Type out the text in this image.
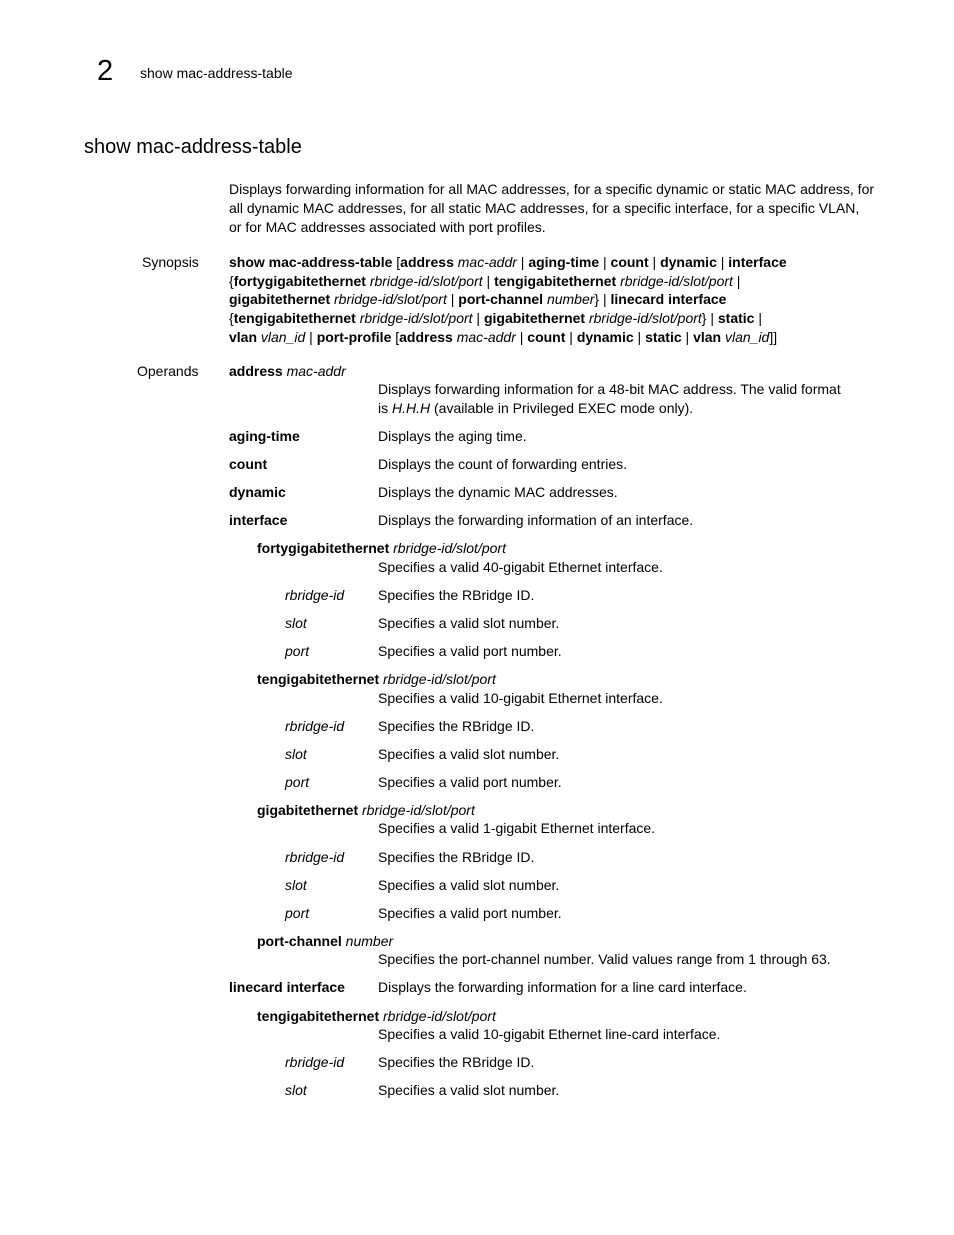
2 show mac-address-table
show mac-address-table
Displays forwarding information for all MAC addresses, for a specific dynamic or static MAC address, for all dynamic MAC addresses, for all static MAC addresses, for a specific interface, for a specific VLAN, or for MAC addresses associated with port profiles.
Synopsis show mac-address-table [address mac-addr | aging-time | count | dynamic | interface
{fortygigabitethernet rbridge-id/slot/port | tengigabitethernet rbridge-id/slot/port |
gigabitethernet rbridge-id/slot/port | port-channel number} | linecard interface
{tengigabitethernet rbridge-id/slot/port | gigabitethernet rbridge-id/slot/port} | static |
vlan vlan_id | port-profile [address mac-addr | count | dynamic | static | vlan vlan_id]]
Operands address mac-addr
Displays forwarding information for a 48-bit MAC address. The valid format
is H.H.H (available in Privileged EXEC mode only).
aging-time	Displays the aging time.
count	Displays the count of forwarding entries.
dynamic	Displays the dynamic MAC addresses.
interface	Displays the forwarding information of an interface.
fortygigabitethernet rbridge-id/slot/port
Specifies a valid 40-gigabit Ethernet interface.
rbridge-id Specifies the RBridge ID.
slot	Specifies a valid slot number.
port	Specifies a valid port number.
tengigabitethernet rbridge-id/slot/port
Specifies a valid 10-gigabit Ethernet interface.
rbridge-id Specifies the RBridge ID.
slot	Specifies a valid slot number.
port	Specifies a valid port number.
gigabitethernet rbridge-id/slot/port
Specifies a valid 1-gigabit Ethernet interface.
rbridge-id Specifies the RBridge ID.
slot	Specifies a valid slot number.
port	Specifies a valid port number.
port-channel number
Specifies the port-channel number. Valid values range from 1 through 63.
linecard interface Displays the forwarding information for a line card interface.
tengigabitethernet rbridge-id/slot/port
Specifies a valid 10-gigabit Ethernet line-card interface.
rbridge-id Specifies the RBridge ID.
slot	Specifies a valid slot number.
